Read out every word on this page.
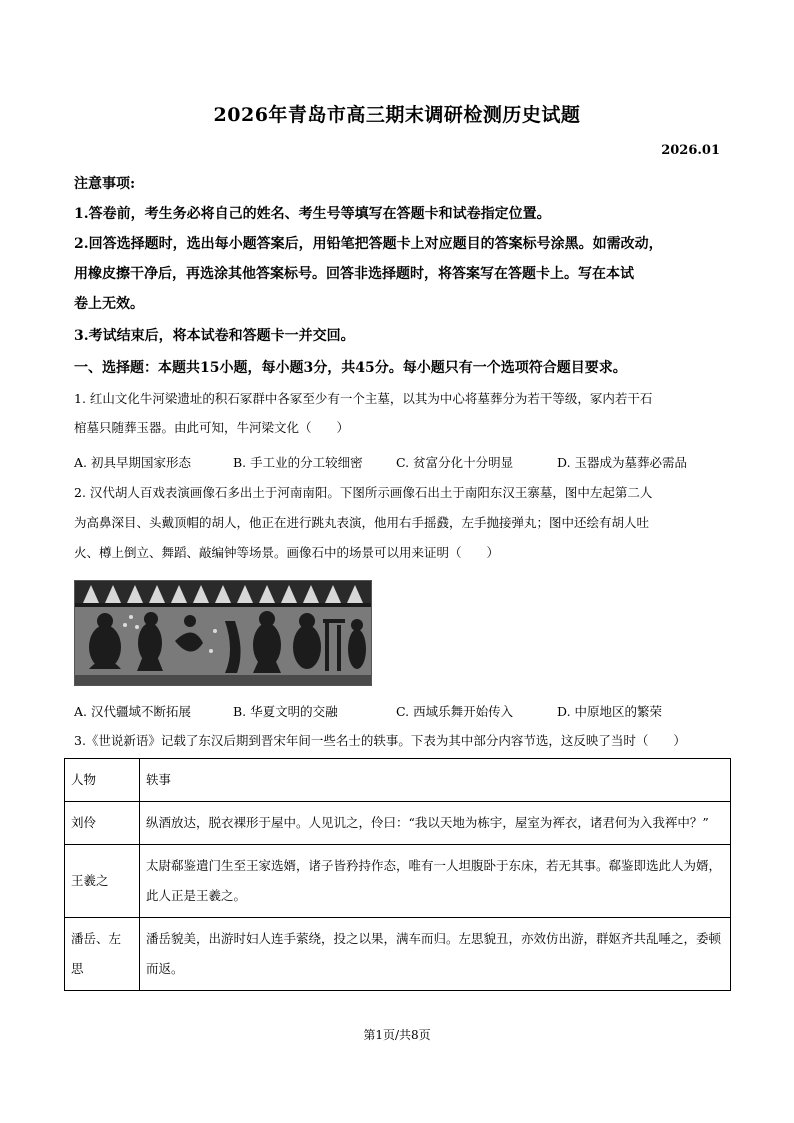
2026年青岛市高三期末调研检测历史试题
2026.01

注意事项:

1.答卷前，考生务必将自己的姓名、考生号等填写在答题卡和试卷指定位置。

2.回答选择题时，选出每小题答案后，用铅笔把答题卡上对应题目的答案标号涂黑。如需改动，

用橡皮擦干净后，再选涂其他答案标号。回答非选择题时，将答案写在答题卡上。写在本试

卷上无效。

3.考试结束后，将本试卷和答题卡一并交回。

一、选择题：本题共15小题，每小题3分，共45分。每小题只有一个选项符合题目要求。

1. 红山文化牛河梁遗址的积石冢群中各冢至少有一个主墓，以其为中心将墓葬分为若干等级，冢内若干石

棺墓只随葬玉器。由此可知，牛河梁文化（　　）

A. 初具早期国家形态	B. 手工业的分工较细密	C. 贫富分化十分明显	D. 玉器成为墓葬必需品

2. 汉代胡人百戏表演画像石多出土于河南南阳。下图所示画像石出土于南阳东汉王寨墓，图中左起第二人

为高鼻深目、头戴顶帽的胡人，他正在进行跳丸表演，他用右手摇鼗，左手抛接弹丸；图中还绘有胡人吐

火、樽上倒立、舞蹈、敲编钟等场景。画像石中的场景可以用来证明（　　）

A. 汉代疆域不断拓展	B. 华夏文明的交融	C. 西域乐舞开始传入	D. 中原地区的繁荣

3.《世说新语》记载了东汉后期到晋宋年间一些名士的轶事。下表为其中部分内容节选，这反映了当时（　　）

人物	轶事
刘伶	纵酒放达，脱衣裸形于屋中。人见讥之，伶曰：“我以天地为栋宇，屋室为裈衣，诸君何为入我裈中？”
王羲之	太尉郗鉴遣门生至王家选婿，诸子皆矜持作态，唯有一人坦腹卧于东床，若无其事。郗鉴即选此人为婿，此人正是王羲之。
潘岳、左思	潘岳貌美，出游时妇人连手萦绕，投之以果，满车而归。左思貌丑，亦效仿出游，群妪齐共乱唾之，委顿而返。
第1页/共8页
